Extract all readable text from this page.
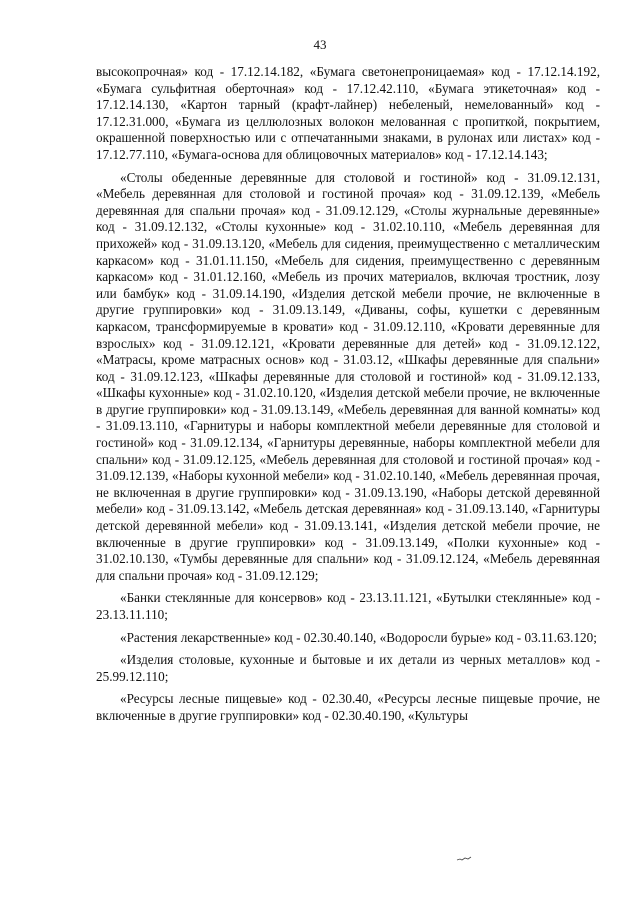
43

высокопрочная» код - 17.12.14.182, «Бумага светонепроницаемая» код - 17.12.14.192, «Бумага сульфитная оберточная» код - 17.12.42.110, «Бумага этикеточная» код - 17.12.14.130, «Картон тарный (крафт-лайнер) небеленый, немелованный» код - 17.12.31.000, «Бумага из целлюлозных волокон мелованная с пропиткой, покрытием, окрашенной поверхностью или с отпечатанными знаками, в рулонах или листах» код - 17.12.77.110, «Бумага-основа для облицовочных материалов» код - 17.12.14.143;

«Столы обеденные деревянные для столовой и гостиной» код - 31.09.12.131, «Мебель деревянная для столовой и гостиной прочая» код - 31.09.12.139, «Мебель деревянная для спальни прочая» код - 31.09.12.129, «Столы журнальные деревянные» код - 31.09.12.132, «Столы кухонные» код - 31.02.10.110, «Мебель деревянная для прихожей» код - 31.09.13.120, «Мебель для сидения, преимущественно с металлическим каркасом» код - 31.01.11.150, «Мебель для сидения, преимущественно с деревянным каркасом» код - 31.01.12.160, «Мебель из прочих материалов, включая тростник, лозу или бамбук» код - 31.09.14.190, «Изделия детской мебели прочие, не включенные в другие группировки» код - 31.09.13.149, «Диваны, софы, кушетки с деревянным каркасом, трансформируемые в кровати» код - 31.09.12.110, «Кровати деревянные для взрослых» код - 31.09.12.121, «Кровати деревянные для детей» код - 31.09.12.122, «Матрасы, кроме матрасных основ» код - 31.03.12, «Шкафы деревянные для спальни» код - 31.09.12.123, «Шкафы деревянные для столовой и гостиной» код - 31.09.12.133, «Шкафы кухонные» код - 31.02.10.120, «Изделия детской мебели прочие, не включенные в другие группировки» код - 31.09.13.149, «Мебель деревянная для ванной комнаты» код - 31.09.13.110, «Гарнитуры и наборы комплектной мебели деревянные для столовой и гостиной» код - 31.09.12.134, «Гарнитуры деревянные, наборы комплектной мебели для спальни» код - 31.09.12.125, «Мебель деревянная для столовой и гостиной прочая» код - 31.09.12.139, «Наборы кухонной мебели» код - 31.02.10.140, «Мебель деревянная прочая, не включенная в другие группировки» код - 31.09.13.190, «Наборы детской деревянной мебели» код - 31.09.13.142, «Мебель детская деревянная» код - 31.09.13.140, «Гарнитуры детской деревянной мебели» код - 31.09.13.141, «Изделия детской мебели прочие, не включенные в другие группировки» код - 31.09.13.149, «Полки кухонные» код - 31.02.10.130, «Тумбы деревянные для спальни» код - 31.09.12.124, «Мебель деревянная для спальни прочая» код - 31.09.12.129;

«Банки стеклянные для консервов» код - 23.13.11.121, «Бутылки стеклянные» код - 23.13.11.110;

«Растения лекарственные» код - 02.30.40.140, «Водоросли бурые» код - 03.11.63.120;

«Изделия столовые, кухонные и бытовые и их детали из черных металлов» код - 25.99.12.110;

«Ресурсы лесные пищевые» код - 02.30.40, «Ресурсы лесные пищевые прочие, не включенные в другие группировки» код - 02.30.40.190, «Культуры
